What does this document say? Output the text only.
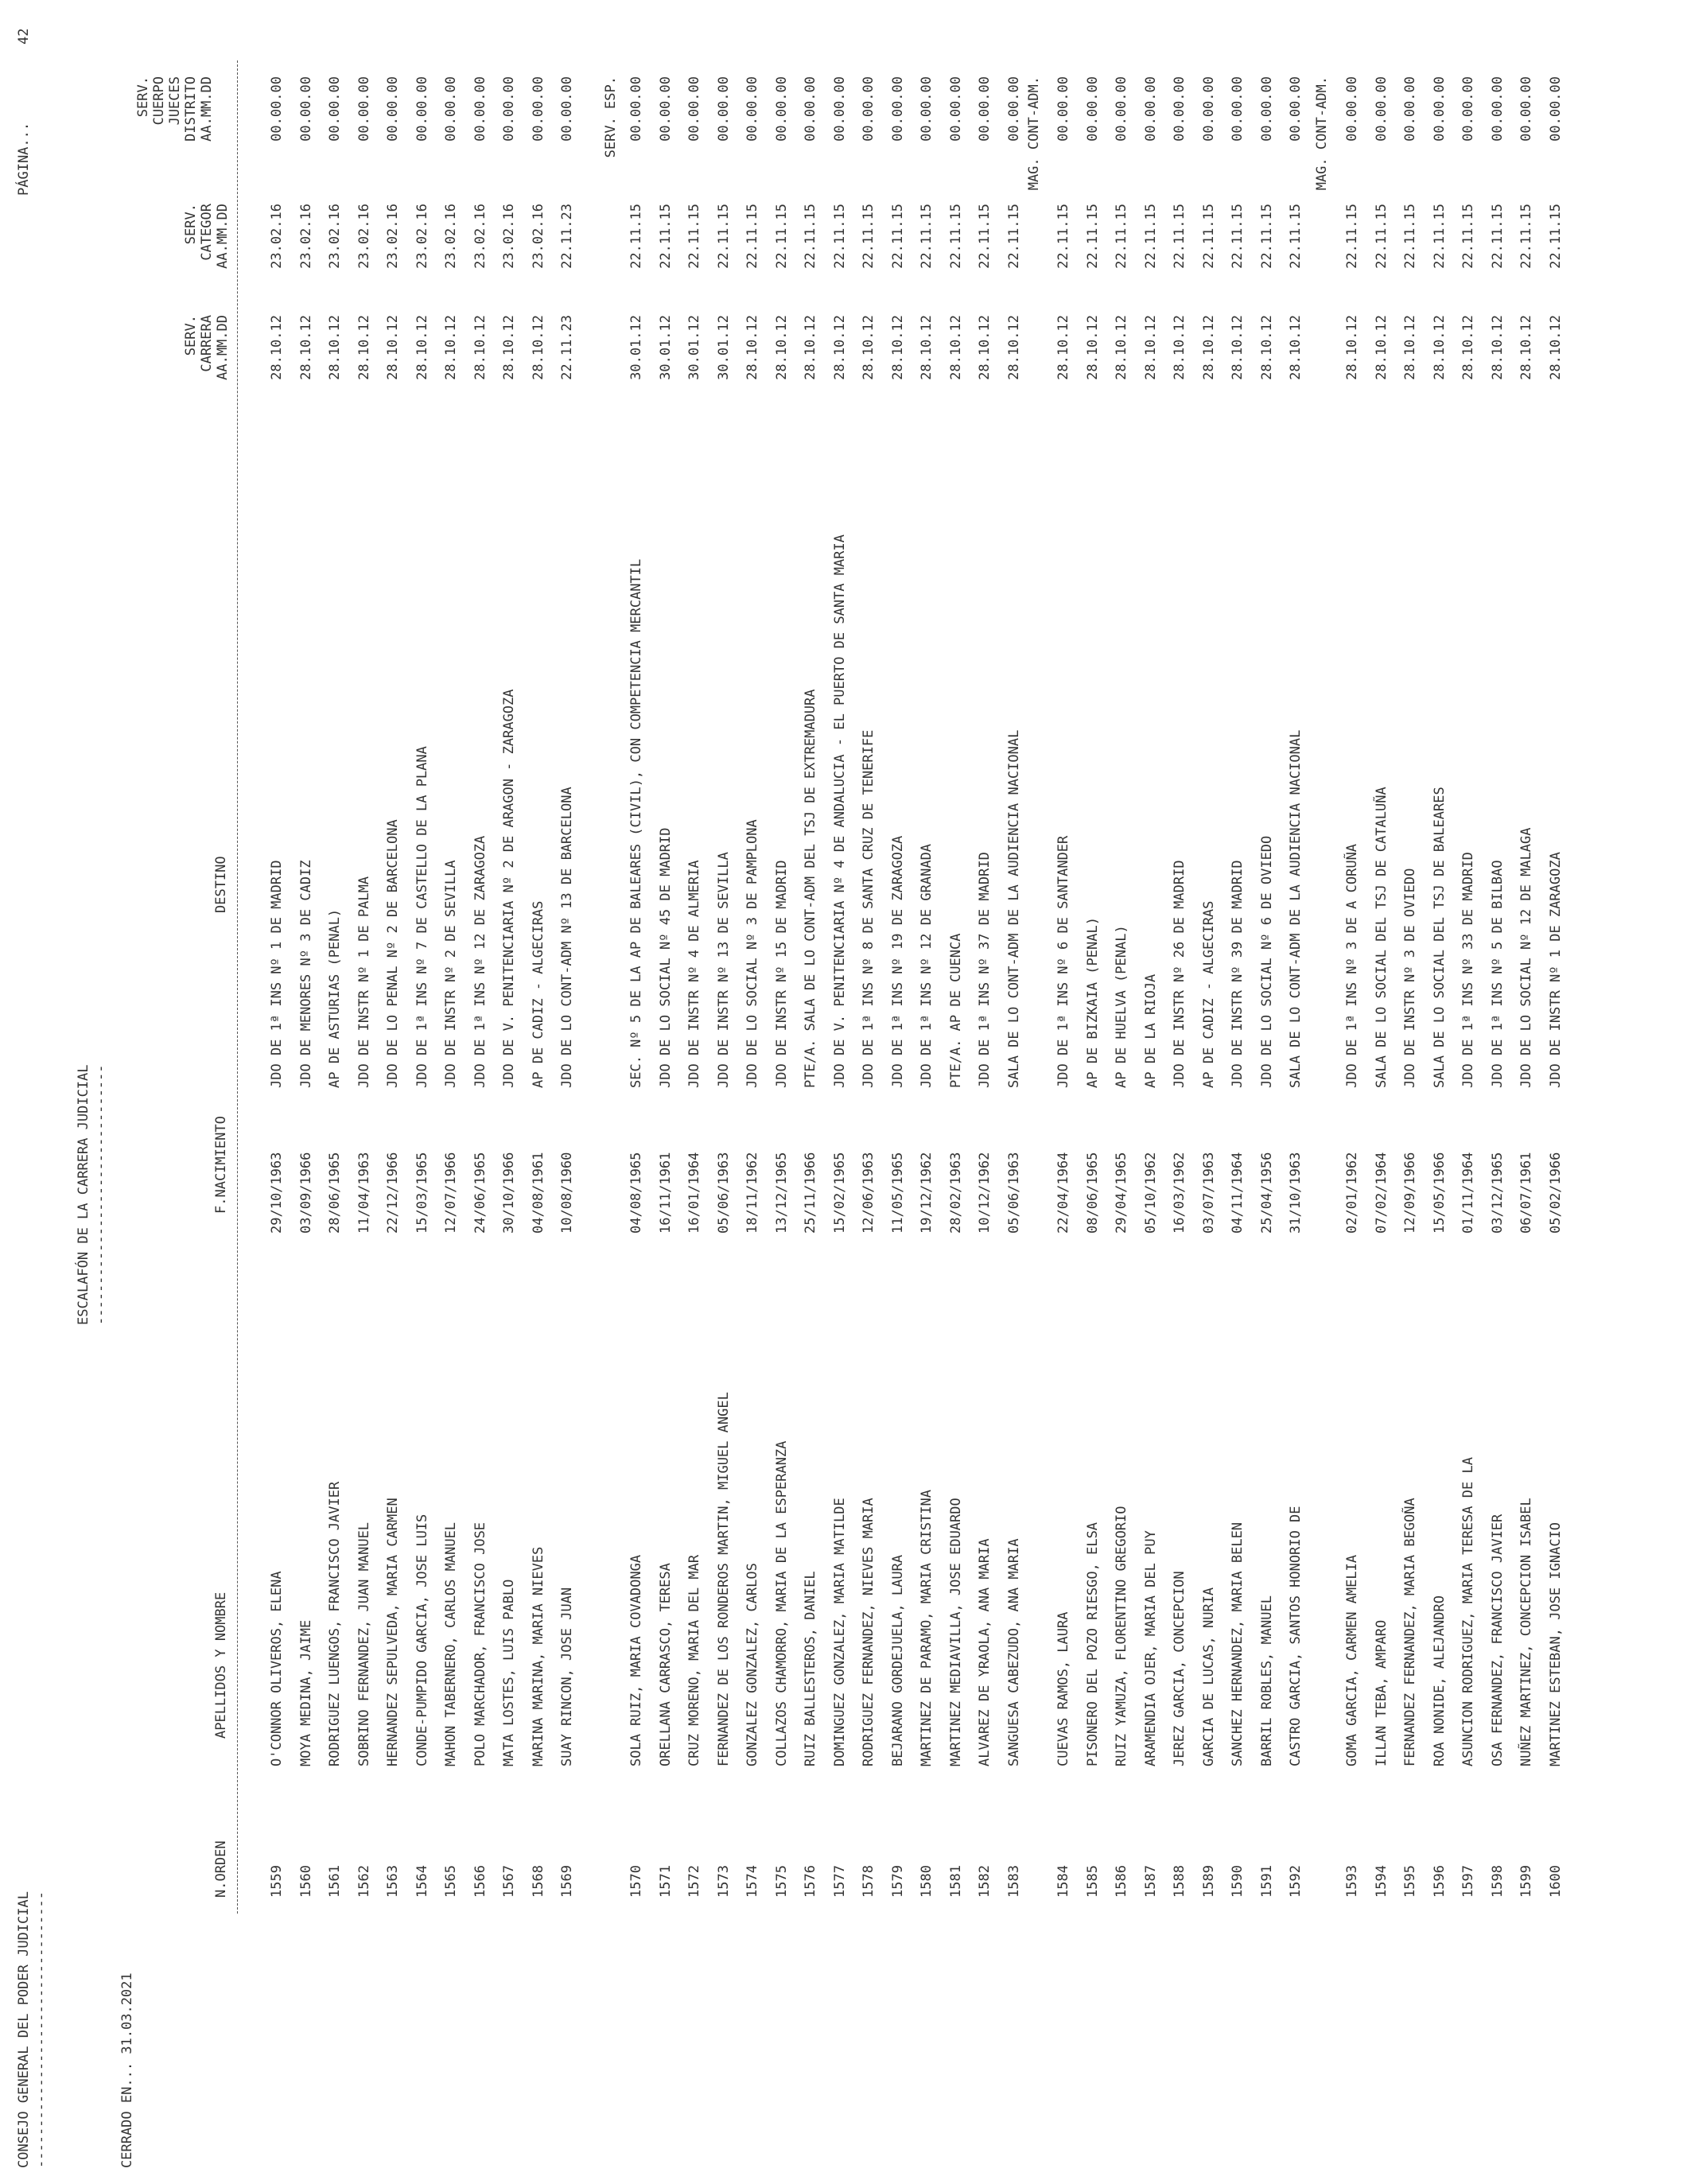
CONSEJO GENERAL DEL PODER JUDICIAL ----------------------------------
ESCALAFÓN DE LA CARRERA JUDICIAL --------------------------------
PÁGINA...
42
CERRADO EN... 31.03.2021
SERV. CUERPO JUECES
SERV.
SERV.
DISTRITO
CARRERA
CATEGOR
AA.MM.DD
N.ORDEN
APELLIDOS Y NOMBRE
F.NACIMIENTO
DESTINO
AA.MM.DD
AA.MM.DD
1559
O'CONNOR OLIVEROS, ELENA
29/10/1963
JDO DE 1ª INS Nº 1 DE MADRID
28.10.12
23.02.16
00.00.00
1560
MOYA MEDINA, JAIME
03/09/1966
JDO DE MENORES Nº 3 DE CADIZ
28.10.12
23.02.16
00.00.00
1561
RODRIGUEZ LUENGOS, FRANCISCO JAVIER
28/06/1965
AP DE ASTURIAS (PENAL)
28.10.12
23.02.16
00.00.00
1562
SOBRINO FERNANDEZ, JUAN MANUEL
11/04/1963
JDO DE INSTR Nº 1 DE PALMA
28.10.12
23.02.16
00.00.00
1563
HERNANDEZ SEPULVEDA, MARIA CARMEN
22/12/1966
JDO DE LO PENAL Nº 2 DE BARCELONA
28.10.12
23.02.16
00.00.00
1564
CONDE-PUMPIDO GARCIA, JOSE LUIS
15/03/1965
JDO DE 1ª INS Nº 7 DE CASTELLO DE LA PLANA
28.10.12
23.02.16
00.00.00
1565
MAHON TABERNERO, CARLOS MANUEL
12/07/1966
JDO DE INSTR Nº 2 DE SEVILLA
28.10.12
23.02.16
00.00.00
1566
POLO MARCHADOR, FRANCISCO JOSE
24/06/1965
JDO DE 1ª INS Nº 12 DE ZARAGOZA
28.10.12
23.02.16
00.00.00
1567
MATA LOSTES, LUIS PABLO
30/10/1966
JDO DE V. PENITENCIARIA Nº 2 DE ARAGON - ZARAGOZA
28.10.12
23.02.16
00.00.00
1568
MARINA MARINA, MARIA NIEVES
04/08/1961
AP DE CADIZ - ALGECIRAS
28.10.12
23.02.16
00.00.00
1569
SUAY RINCON, JOSE JUAN
10/08/1960
JDO DE LO CONT-ADM Nº 13 DE BARCELONA
22.11.23
22.11.23
00.00.00 SERV. ESP.
1570
SOLA RUIZ, MARIA COVADONGA
04/08/1965
SEC. Nº 5 DE LA AP DE BALEARES (CIVIL), CON COMPETENCIA MERCANTIL
30.01.12
22.11.15
00.00.00
1571
ORELLANA CARRASCO, TERESA
16/11/1961
JDO DE LO SOCIAL Nº 45 DE MADRID
30.01.12
22.11.15
00.00.00
1572
CRUZ MORENO, MARIA DEL MAR
16/01/1964
JDO DE INSTR Nº 4 DE ALMERIA
30.01.12
22.11.15
00.00.00
1573
FERNANDEZ DE LOS RONDEROS MARTIN, MIGUEL ANGEL
05/06/1963
JDO DE INSTR Nº 13 DE SEVILLA
30.01.12
22.11.15
00.00.00
1574
GONZALEZ GONZALEZ, CARLOS
18/11/1962
JDO DE LO SOCIAL Nº 3 DE PAMPLONA
28.10.12
22.11.15
00.00.00
1575
COLLAZOS CHAMORRO, MARIA DE LA ESPERANZA
13/12/1965
JDO DE INSTR Nº 15 DE MADRID
28.10.12
22.11.15
00.00.00
1576
RUIZ BALLESTEROS, DANIEL
25/11/1966
PTE/A. SALA DE LO CONT-ADM DEL TSJ DE EXTREMADURA
28.10.12
22.11.15
00.00.00
1577
DOMINGUEZ GONZALEZ, MARIA MATILDE
15/02/1965
JDO DE V. PENITENCIARIA Nº 4 DE ANDALUCIA - EL PUERTO DE SANTA MARIA
28.10.12
22.11.15
00.00.00
1578
RODRIGUEZ FERNANDEZ, NIEVES MARIA
12/06/1963
JDO DE 1ª INS Nº 8 DE SANTA CRUZ DE TENERIFE
28.10.12
22.11.15
00.00.00
1579
BEJARANO GORDEJUELA, LAURA
11/05/1965
JDO DE 1ª INS Nº 19 DE ZARAGOZA
28.10.12
22.11.15
00.00.00
1580
MARTINEZ DE PARAMO, MARIA CRISTINA
19/12/1962
JDO DE 1ª INS Nº 12 DE GRANADA
28.10.12
22.11.15
00.00.00
1581
MARTINEZ MEDIAVILLA, JOSE EDUARDO
28/02/1963
PTE/A. AP DE CUENCA
28.10.12
22.11.15
00.00.00
1582
ALVAREZ DE YRAOLA, ANA MARIA
10/12/1962
JDO DE 1ª INS Nº 37 DE MADRID
28.10.12
22.11.15
00.00.00
1583
SANGUESA CABEZUDO, ANA MARIA
05/06/1963
SALA DE LO CONT-ADM DE LA AUDIENCIA NACIONAL
28.10.12
22.11.15
00.00.00 MAG. CONT-ADM.
1584
CUEVAS RAMOS, LAURA
22/04/1964
JDO DE 1ª INS Nº 6 DE SANTANDER
28.10.12
22.11.15
00.00.00
1585
PISONERO DEL POZO RIESGO, ELSA
08/06/1965
AP DE BIZKAIA (PENAL)
28.10.12
22.11.15
00.00.00
1586
RUIZ YAMUZA, FLORENTINO GREGORIO
29/04/1965
AP DE HUELVA (PENAL)
28.10.12
22.11.15
00.00.00
1587
ARAMENDIA OJER, MARIA DEL PUY
05/10/1962
AP DE LA RIOJA
28.10.12
22.11.15
00.00.00
1588
JEREZ GARCIA, CONCEPCION
16/03/1962
JDO DE INSTR Nº 26 DE MADRID
28.10.12
22.11.15
00.00.00
1589
GARCIA DE LUCAS, NURIA
03/07/1963
AP DE CADIZ - ALGECIRAS
28.10.12
22.11.15
00.00.00
1590
SANCHEZ HERNANDEZ, MARIA BELEN
04/11/1964
JDO DE INSTR Nº 39 DE MADRID
28.10.12
22.11.15
00.00.00
1591
BARRIL ROBLES, MANUEL
25/04/1956
JDO DE LO SOCIAL Nº 6 DE OVIEDO
28.10.12
22.11.15
00.00.00
1592
CASTRO GARCIA, SANTOS HONORIO DE
31/10/1963
SALA DE LO CONT-ADM DE LA AUDIENCIA NACIONAL
28.10.12
22.11.15
00.00.00 MAG. CONT-ADM.
1593
GOMA GARCIA, CARMEN AMELIA
02/01/1962
JDO DE 1ª INS Nº 3 DE A CORUÑA
28.10.12
22.11.15
00.00.00
1594
ILLAN TEBA, AMPARO
07/02/1964
SALA DE LO SOCIAL DEL TSJ DE CATALUÑA
28.10.12
22.11.15
00.00.00
1595
FERNANDEZ FERNANDEZ, MARIA BEGOÑA
12/09/1966
JDO DE INSTR Nº 3 DE OVIEDO
28.10.12
22.11.15
00.00.00
1596
ROA NONIDE, ALEJANDRO
15/05/1966
SALA DE LO SOCIAL DEL TSJ DE BALEARES
28.10.12
22.11.15
00.00.00
1597
ASUNCION RODRIGUEZ, MARIA TERESA DE LA
01/11/1964
JDO DE 1ª INS Nº 33 DE MADRID
28.10.12
22.11.15
00.00.00
1598
OSA FERNANDEZ, FRANCISCO JAVIER
03/12/1965
JDO DE 1ª INS Nº 5 DE BILBAO
28.10.12
22.11.15
00.00.00
1599
NUÑEZ MARTINEZ, CONCEPCION ISABEL
06/07/1961
JDO DE LO SOCIAL Nº 12 DE MALAGA
28.10.12
22.11.15
00.00.00
1600
MARTINEZ ESTEBAN, JOSE IGNACIO
05/02/1966
JDO DE INSTR Nº 1 DE ZARAGOZA
28.10.12
22.11.15
00.00.00
